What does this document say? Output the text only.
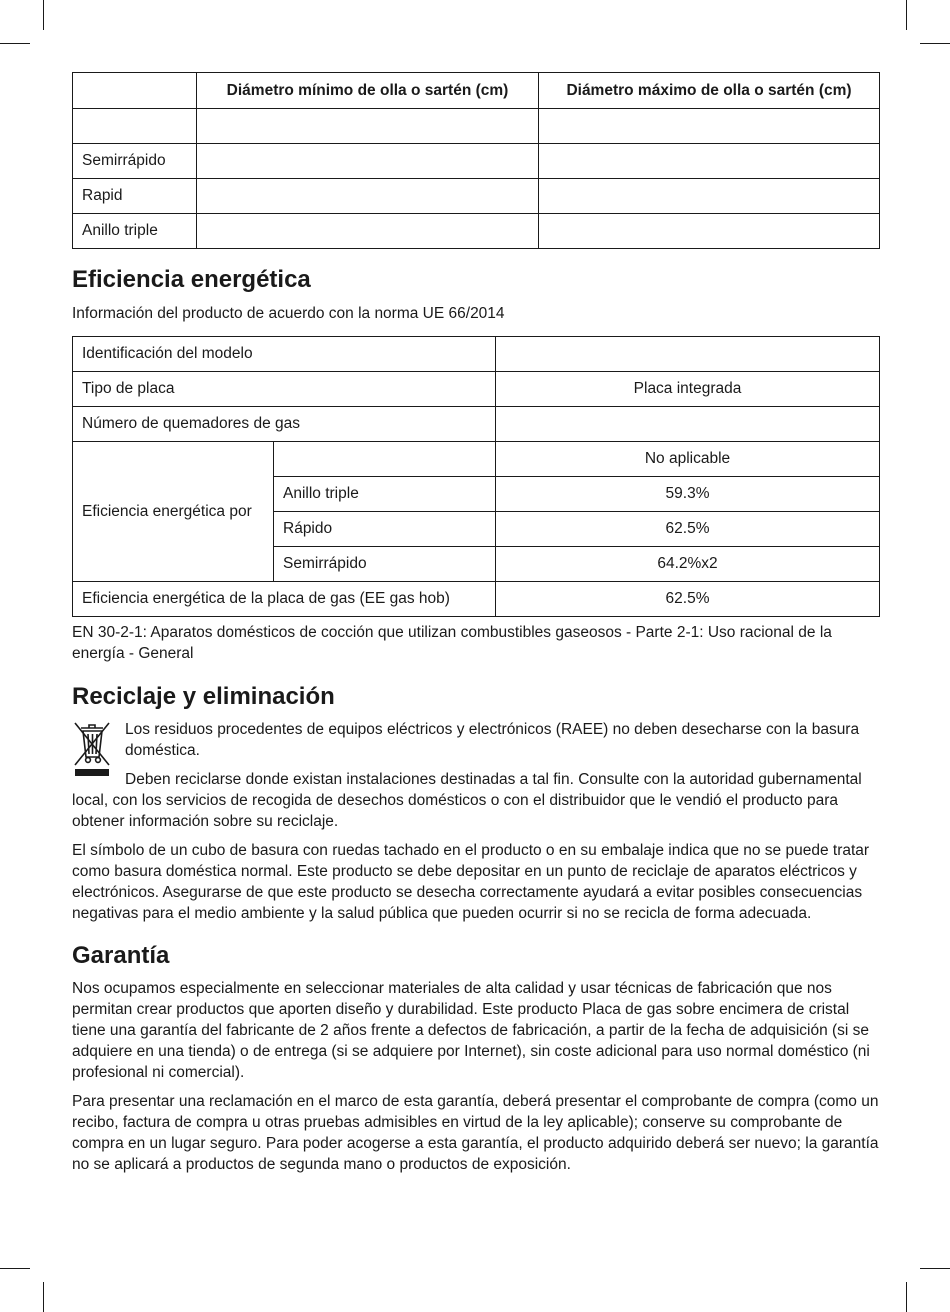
	Diámetro mínimo de olla o sartén (cm)	Diámetro máximo de olla o sartén (cm)

Semirrápido		
Rapid		
Anillo triple		
Eficiencia energética

Información del producto de acuerdo con la norma UE 66/2014

Identificación del modelo		
Tipo de placa		Placa integrada
Número de quemadores de gas		
Eficiencia energética por		No aplicable
	Anillo triple	59.3%
	Rápido	62.5%
	Semirrápido	64.2%x2
Eficiencia energética de la placa de gas (EE gas hob)		62.5%

EN 30-2-1: Aparatos domésticos de cocción que utilizan combustibles gaseosos - Parte 2-1: Uso racional de la energía - General

Reciclaje y eliminación

Los residuos procedentes de equipos eléctricos y electrónicos (RAEE) no deben desecharse con la basura doméstica.

Deben reciclarse donde existan instalaciones destinadas a tal fin. Consulte con la autoridad gubernamental local, con los servicios de recogida de desechos domésticos o con el distribuidor que le vendió el producto para obtener información sobre su reciclaje.

El símbolo de un cubo de basura con ruedas tachado en el producto o en su embalaje indica que no se puede tratar como basura doméstica normal. Este producto se debe depositar en un punto de reciclaje de aparatos eléctricos y electrónicos. Asegurarse de que este producto se desecha correctamente ayudará a evitar posibles consecuencias negativas para el medio ambiente y la salud pública que pueden ocurrir si no se recicla de forma adecuada.

Garantía

Nos ocupamos especialmente en seleccionar materiales de alta calidad y usar técnicas de fabricación que nos permitan crear productos que aporten diseño y durabilidad. Este producto Placa de gas sobre encimera de cristal tiene una garantía del fabricante de 2 años frente a defectos de fabricación, a partir de la fecha de adquisición (si se adquiere en una tienda) o de entrega (si se adquiere por Internet), sin coste adicional para uso normal doméstico (ni profesional ni comercial).

Para presentar una reclamación en el marco de esta garantía, deberá presentar el comprobante de compra (como un recibo, factura de compra u otras pruebas admisibles en virtud de la ley aplicable); conserve su comprobante de compra en un lugar seguro. Para poder acogerse a esta garantía, el producto adquirido deberá ser nuevo; la garantía no se aplicará a productos de segunda mano o productos de exposición.
